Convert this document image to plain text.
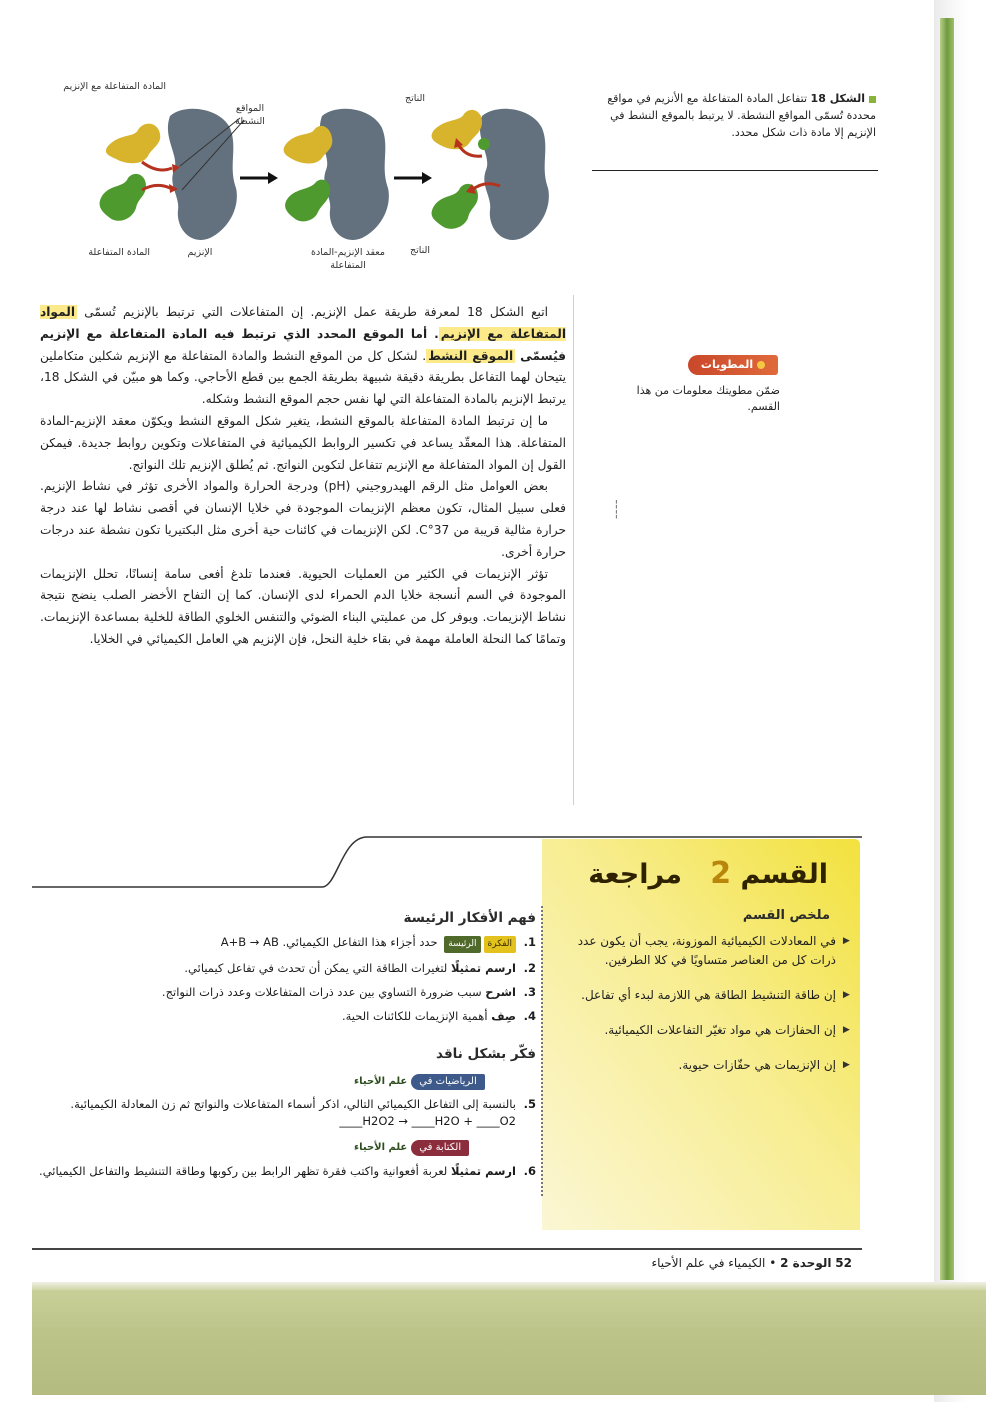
المادة المتفاعلة مع الإنزيم
المواقع النشطة
الناتج
المادة المتفاعلة	الإنزيم	معقد الإنزيم-المادة المتفاعلة
الناتج
الشكل 18 تتفاعل المادة المتفاعلة مع الأنزيم في مواقع محددة تُسمّى المواقع النشطة. لا يرتبط بالموقع النشط في الإنزيم إلا مادة ذات شكل محدد.

اتبع الشكل 18 لمعرفة طريقة عمل الإنزيم. إن المتفاعلات التي ترتبط بالإنزيم تُسمّى المواد المتفاعلة مع الإنزيم. أما الموقع المحدد الذي ترتبط فيه المادة المتفاعلة مع الإنزيم فيُسمّى الموقع النشط. لشكل كل من الموقع النشط والمادة المتفاعلة مع الإنزيم شكلين متكاملين يتيحان لهما التفاعل بطريقة دقيقة شبيهة بطريقة الجمع بين قطع الأحاجي. وكما هو مبيّن في الشكل 18، يرتبط الإنزيم بالمادة المتفاعلة التي لها نفس حجم الموقع النشط وشكله.

ما إن ترتبط المادة المتفاعلة بالموقع النشط، يتغير شكل الموقع النشط ويكوّن معقد الإنزيم-المادة المتفاعلة. هذا المعقّد يساعد في تكسير الروابط الكيميائية في المتفاعلات وتكوين روابط جديدة. فيمكن القول إن المواد المتفاعلة مع الإنزيم تتفاعل لتكوين النواتج. ثم يُطلق الإنزيم تلك النواتج.

بعض العوامل مثل الرقم الهيدروجيني (pH) ودرجة الحرارة والمواد الأخرى تؤثر في نشاط الإنزيم. فعلى سبيل المثال، تكون معظم الإنزيمات الموجودة في خلايا الإنسان في أقصى نشاط لها عند درجة حرارة مثالية قريبة من 37°C. لكن الإنزيمات في كائنات حية أخرى مثل البكتيريا تكون نشطة عند درجات حرارة أخرى.

تؤثر الإنزيمات في الكثير من العمليات الحيوية. فعندما تلدغ أفعى سامة إنسانًا، تحلل الإنزيمات الموجودة في السم أنسجة خلايا الدم الحمراء لدى الإنسان. كما إن التفاح الأخضر الصلب ينضج نتيجة نشاط الإنزيمات. ويوفر كل من عمليتي البناء الضوئي والتنفس الخلوي الطاقة للخلية بمساعدة الإنزيمات. وتمامًا كما النحلة العاملة مهمة في بقاء خلية النحل، فإن الإنزيم هي العامل الكيميائي في الخلايا.

المطويات
ضمّن مطويتك معلومات من هذا القسم.
¦
¦
القسم 2   مراجعة
ملخص القسم
◀ في المعادلات الكيميائية الموزونة، يجب أن يكون عدد ذرات كل من العناصر متساويًا في كلا الطرفين.
◀ إن طاقة التنشيط الطاقة هي اللازمة لبدء أي تفاعل.
◀ إن الحفازات هي مواد تغيّر التفاعلات الكيميائية.
◀ إن الإنزيمات هي حفّازات حيوية.
فهم الأفكار الرئيسة
1.
الفكرةالرئيسة حدد أجزاء هذا التفاعل الكيميائي. A+B → AB
2.
ارسم تمثيلًا لتغيرات الطاقة التي يمكن أن تحدث في تفاعل كيميائي.
3.
اشرح سبب ضرورة التساوي بين عدد ذرات المتفاعلات وعدد ذرات النواتج.
4.
صِف أهمية الإنزيمات للكائنات الحية.
فكّر بشكل ناقد
الرياضيات فيعلم الأحياء
5.
بالنسبة إلى التفاعل الكيميائي التالي، اذكر أسماء المتفاعلات والنواتج ثم زن المعادلة الكيميائية. ____H2O2 → ____H2O + ____O2
الكتابة فيعلم الأحياء
6.
ارسم تمثيلًا لعربة أفعوانية واكتب فقرة تظهر الرابط بين ركوبها وطاقة التنشيط والتفاعل الكيميائي.
52 الوحدة 2 • الكيمياء في علم الأحياء
